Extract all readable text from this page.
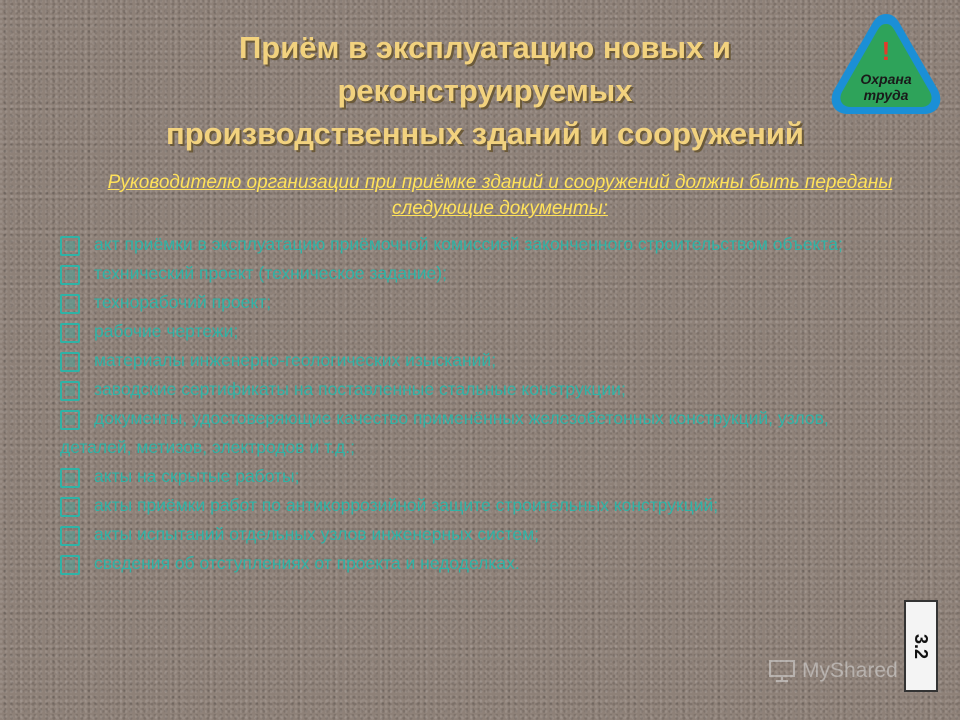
Приём в эксплуатацию новых и
реконструируемых
производственных зданий и сооружений
!
Охрана
труда
Руководителю организации при приёмке зданий и сооружений должны быть переданы следующие документы:
акт приёмки в эксплуатацию приёмочной комиссией законченного строительством объекта;
технический проект (техническое задание);
технорабочий проект;
рабочие чертежи;
материалы инженерно-геологических изысканий;
заводские сертификаты на поставленные стальные конструкции;
документы, удостоверяющие качество применённых железобетонных конструкций, узлов, деталей, метизов, электродов и т.д.;
акты на скрытые работы;
акты приёмки работ по антикоррозийной защите строительных конструкций;
акты испытаний отдельных узлов инженерных систем;
сведения об отступлениях от проекта и недоделках.
3.2
MyShared
